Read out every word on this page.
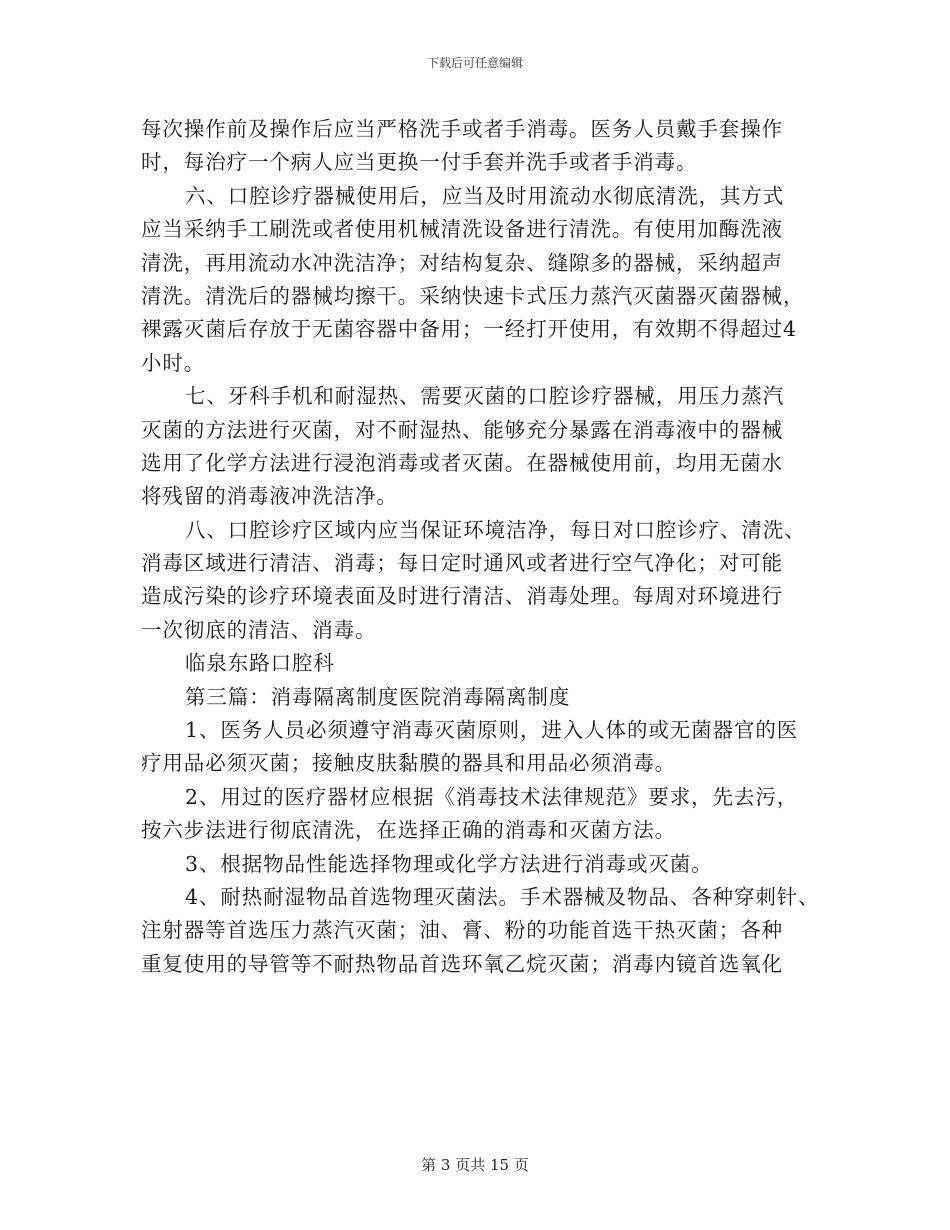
下载后可任意编辑
每次操作前及操作后应当严格洗手或者手消毒。医务人员戴手套操作
时，每治疗一个病人应当更换一付手套并洗手或者手消毒。
六、口腔诊疗器械使用后，应当及时用流动水彻底清洗，其方式
应当采纳手工刷洗或者使用机械清洗设备进行清洗。有使用加酶洗液
清洗，再用流动水冲洗洁净；对结构复杂、缝隙多的器械，采纳超声
清洗。清洗后的器械均擦干。采纳快速卡式压力蒸汽灭菌器灭菌器械，
裸露灭菌后存放于无菌容器中备用；一经打开使用，有效期不得超过4
小时。
七、牙科手机和耐湿热、需要灭菌的口腔诊疗器械，用压力蒸汽
灭菌的方法进行灭菌，对不耐湿热、能够充分暴露在消毒液中的器械
选用了化学方法进行浸泡消毒或者灭菌。在器械使用前，均用无菌水
将残留的消毒液冲洗洁净。
八、口腔诊疗区域内应当保证环境洁净，每日对口腔诊疗、清洗、
消毒区域进行清洁、消毒；每日定时通风或者进行空气净化；对可能
造成污染的诊疗环境表面及时进行清洁、消毒处理。每周对环境进行
一次彻底的清洁、消毒。
临泉东路口腔科
第三篇：消毒隔离制度医院消毒隔离制度
1、医务人员必须遵守消毒灭菌原则，进入人体的或无菌器官的医
疗用品必须灭菌；接触皮肤黏膜的器具和用品必须消毒。
2、用过的医疗器材应根据《消毒技术法律规范》要求，先去污，
按六步法进行彻底清洗，在选择正确的消毒和灭菌方法。
3、根据物品性能选择物理或化学方法进行消毒或灭菌。
4、耐热耐湿物品首选物理灭菌法。手术器械及物品、各种穿刺针、
注射器等首选压力蒸汽灭菌；油、膏、粉的功能首选干热灭菌；各种
重复使用的导管等不耐热物品首选环氧乙烷灭菌；消毒内镜首选氧化
第 3 页共 15 页
